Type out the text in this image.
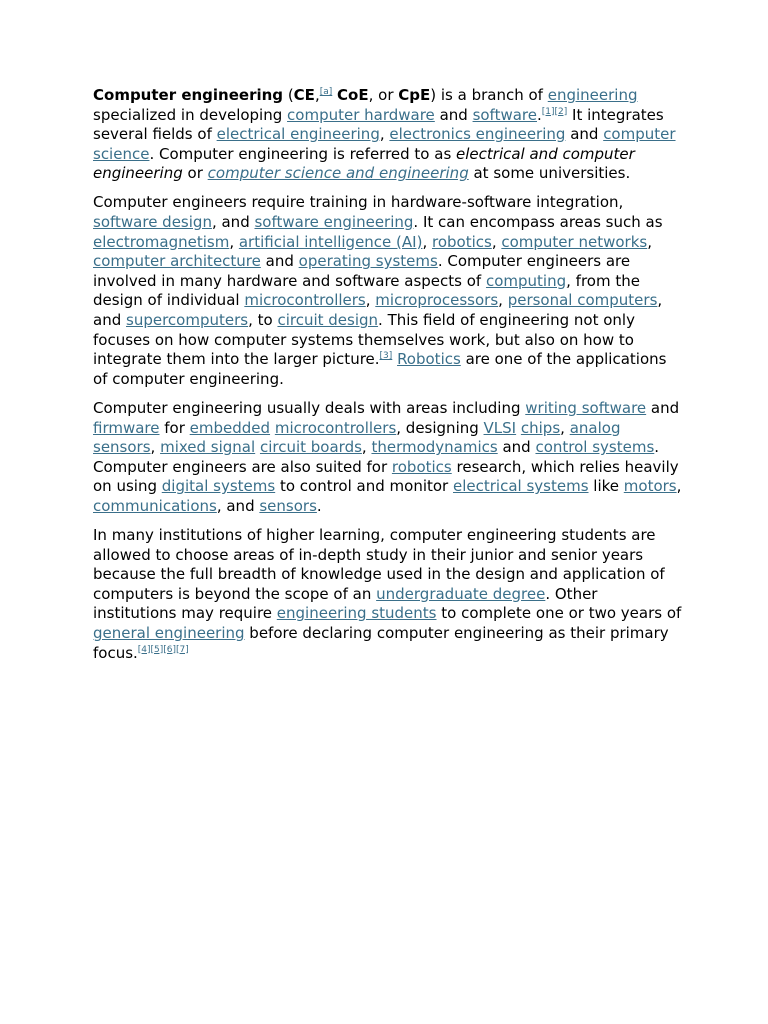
Computer engineering (CE,[a] CoE, or CpE) is a branch of engineering specialized in developing computer hardware and software.[1][2] It integrates several fields of electrical engineering, electronics engineering and computer science. Computer engineering is referred to as electrical and computer engineering or computer science and engineering at some universities.

Computer engineers require training in hardware-software integration, software design, and software engineering. It can encompass areas such as electromagnetism, artificial intelligence (AI), robotics, computer networks, computer architecture and operating systems. Computer engineers are involved in many hardware and software aspects of computing, from the design of individual microcontrollers, microprocessors, personal computers, and supercomputers, to circuit design. This field of engineering not only focuses on how computer systems themselves work, but also on how to integrate them into the larger picture.[3] Robotics are one of the applications of computer engineering.

Computer engineering usually deals with areas including writing software and firmware for embedded microcontrollers, designing VLSI chips, analog sensors, mixed signal circuit boards, thermodynamics and control systems. Computer engineers are also suited for robotics research, which relies heavily on using digital systems to control and monitor electrical systems like motors, communications, and sensors.

In many institutions of higher learning, computer engineering students are allowed to choose areas of in-depth study in their junior and senior years because the full breadth of knowledge used in the design and application of computers is beyond the scope of an undergraduate degree. Other institutions may require engineering students to complete one or two years of general engineering before declaring computer engineering as their primary focus.[4][5][6][7]
